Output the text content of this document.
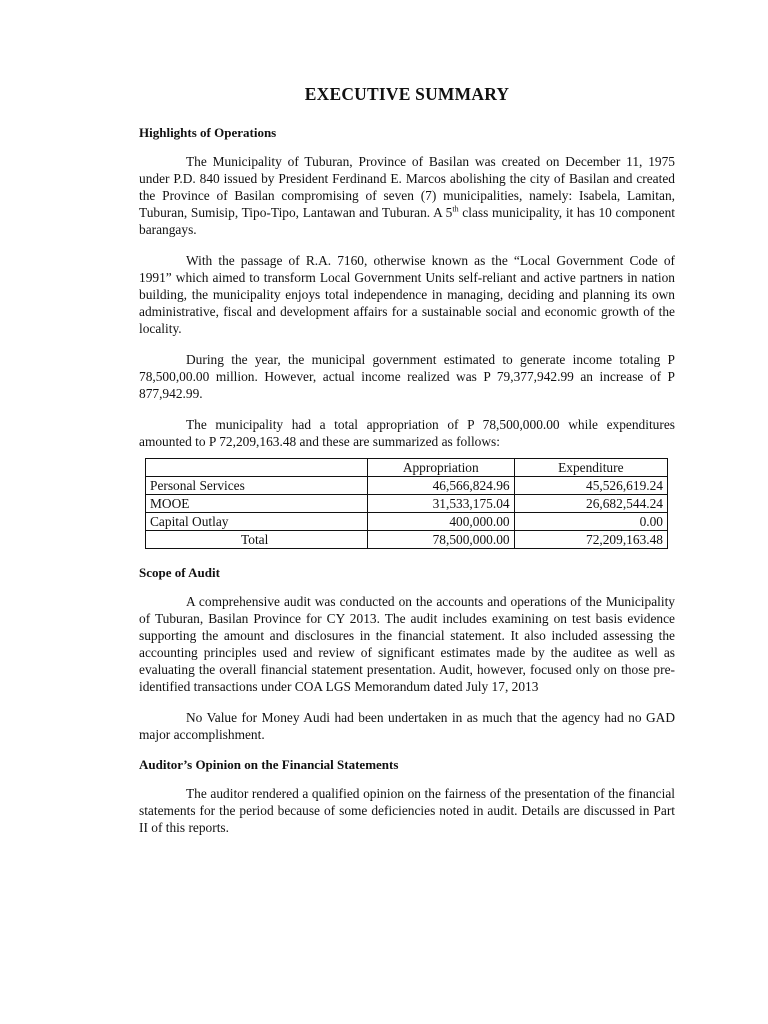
EXECUTIVE SUMMARY
Highlights of Operations

The Municipality of Tuburan, Province of Basilan was created on December 11, 1975 under P.D. 840 issued by President Ferdinand E. Marcos abolishing the city of Basilan and created the Province of Basilan compromising of seven (7) municipalities, namely: Isabela, Lamitan, Tuburan, Sumisip, Tipo-Tipo, Lantawan and Tuburan. A 5th class municipality, it has 10 component barangays.

With the passage of R.A. 7160, otherwise known as the “Local Government Code of 1991” which aimed to transform Local Government Units self-reliant and active partners in nation building, the municipality enjoys total independence in managing, deciding and planning its own administrative, fiscal and development affairs for a sustainable social and economic growth of the locality.

During the year, the municipal government estimated to generate income totaling P 78,500,00.00 million. However, actual income realized was P 79,377,942.99 an increase of P 877,942.99.

The municipality had a total appropriation of P 78,500,000.00 while expenditures amounted to P 72,209,163.48 and these are summarized as follows:

	Appropriation	Expenditure
Personal Services	46,566,824.96	45,526,619.24
MOOE	31,533,175.04	26,682,544.24
Capital Outlay	400,000.00	0.00
Total	78,500,000.00	72,209,163.48
Scope of Audit

A comprehensive audit was conducted on the accounts and operations of the Municipality of Tuburan, Basilan Province for CY 2013. The audit includes examining on test basis evidence supporting the amount and disclosures in the financial statement. It also included assessing the accounting principles used and review of significant estimates made by the auditee as well as evaluating the overall financial statement presentation. Audit, however, focused only on those pre-identified transactions under COA LGS Memorandum dated July 17, 2013

No Value for Money Audi had been undertaken in as much that the agency had no GAD major accomplishment.

Auditor’s Opinion on the Financial Statements

The auditor rendered a qualified opinion on the fairness of the presentation of the financial statements for the period because of some deficiencies noted in audit. Details are discussed in Part II of this reports.
